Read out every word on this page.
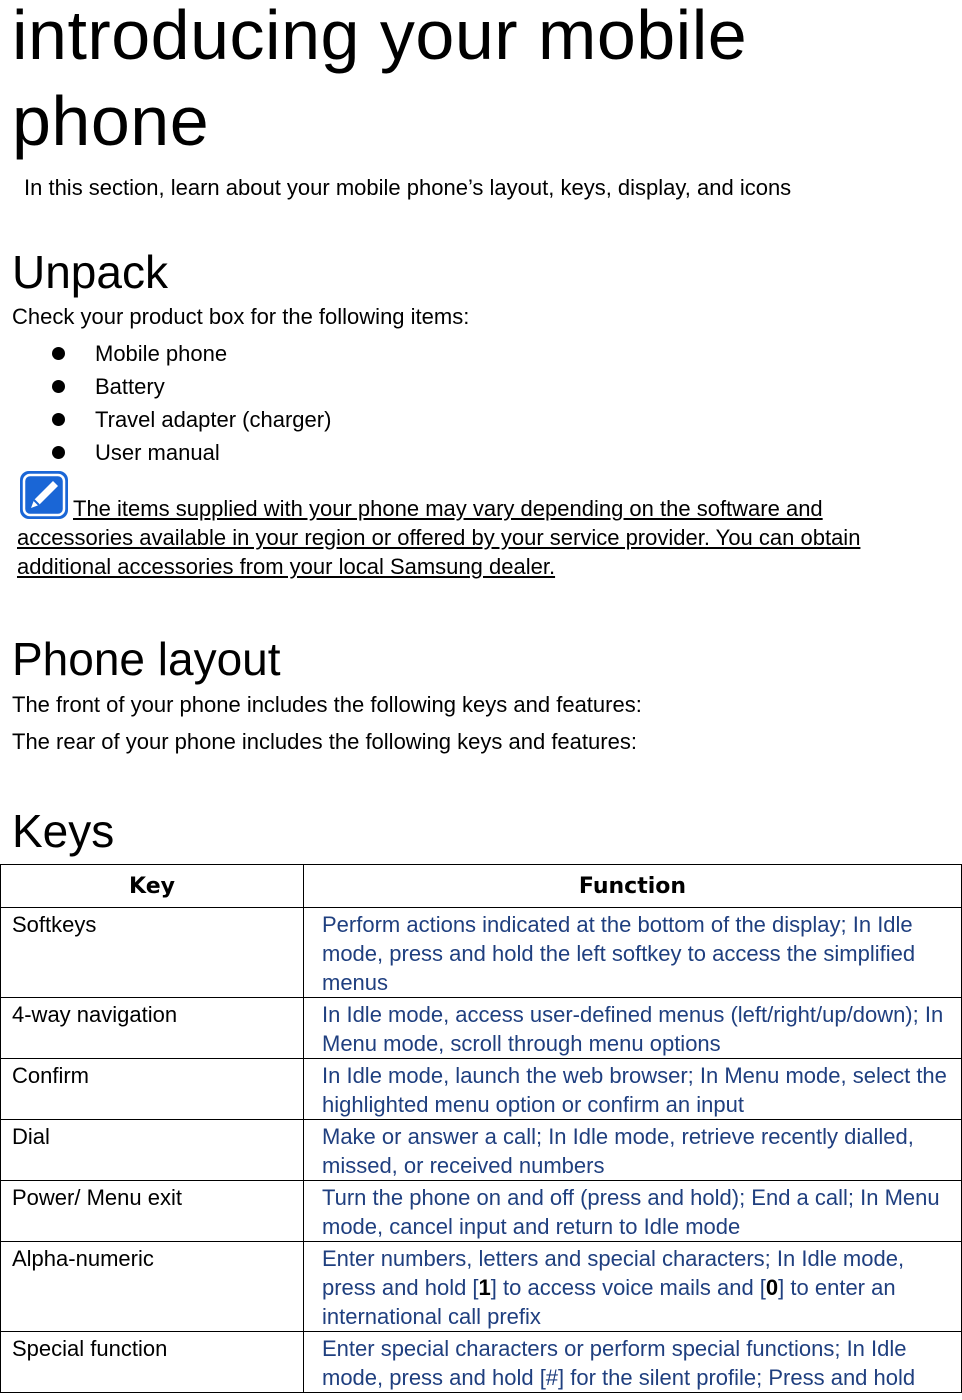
introducing your mobile phone
In this section, learn about your mobile phone’s layout, keys, display, and icons
Unpack
Check your product box for the following items:
Mobile phone
Battery
Travel adapter (charger)
User manual
The items supplied with your phone may vary depending on the software and accessories available in your region or offered by your service provider. You can obtain additional accessories from your local Samsung dealer.
Phone layout
The front of your phone includes the following keys and features:
The rear of your phone includes the following keys and features:
Keys
Key	Function
Softkeys	Perform actions indicated at the bottom of the display; In Idle mode, press and hold the left softkey to access the simplified menus
4-way navigation	In Idle mode, access user-defined menus (left/right/up/down); In Menu mode, scroll through menu options
Confirm	In Idle mode, launch the web browser; In Menu mode, select the highlighted menu option or confirm an input
Dial	Make or answer a call; In Idle mode, retrieve recently dialled, missed, or received numbers
Power/ Menu exit	Turn the phone on and off (press and hold); End a call; In Menu mode, cancel input and return to Idle mode
Alpha-numeric	Enter numbers, letters and special characters; In Idle mode, press and hold [1] to access voice mails and [0] to enter an international call prefix
Special function	Enter special characters or perform special functions; In Idle mode, press and hold [#] for the silent profile; Press and hold
